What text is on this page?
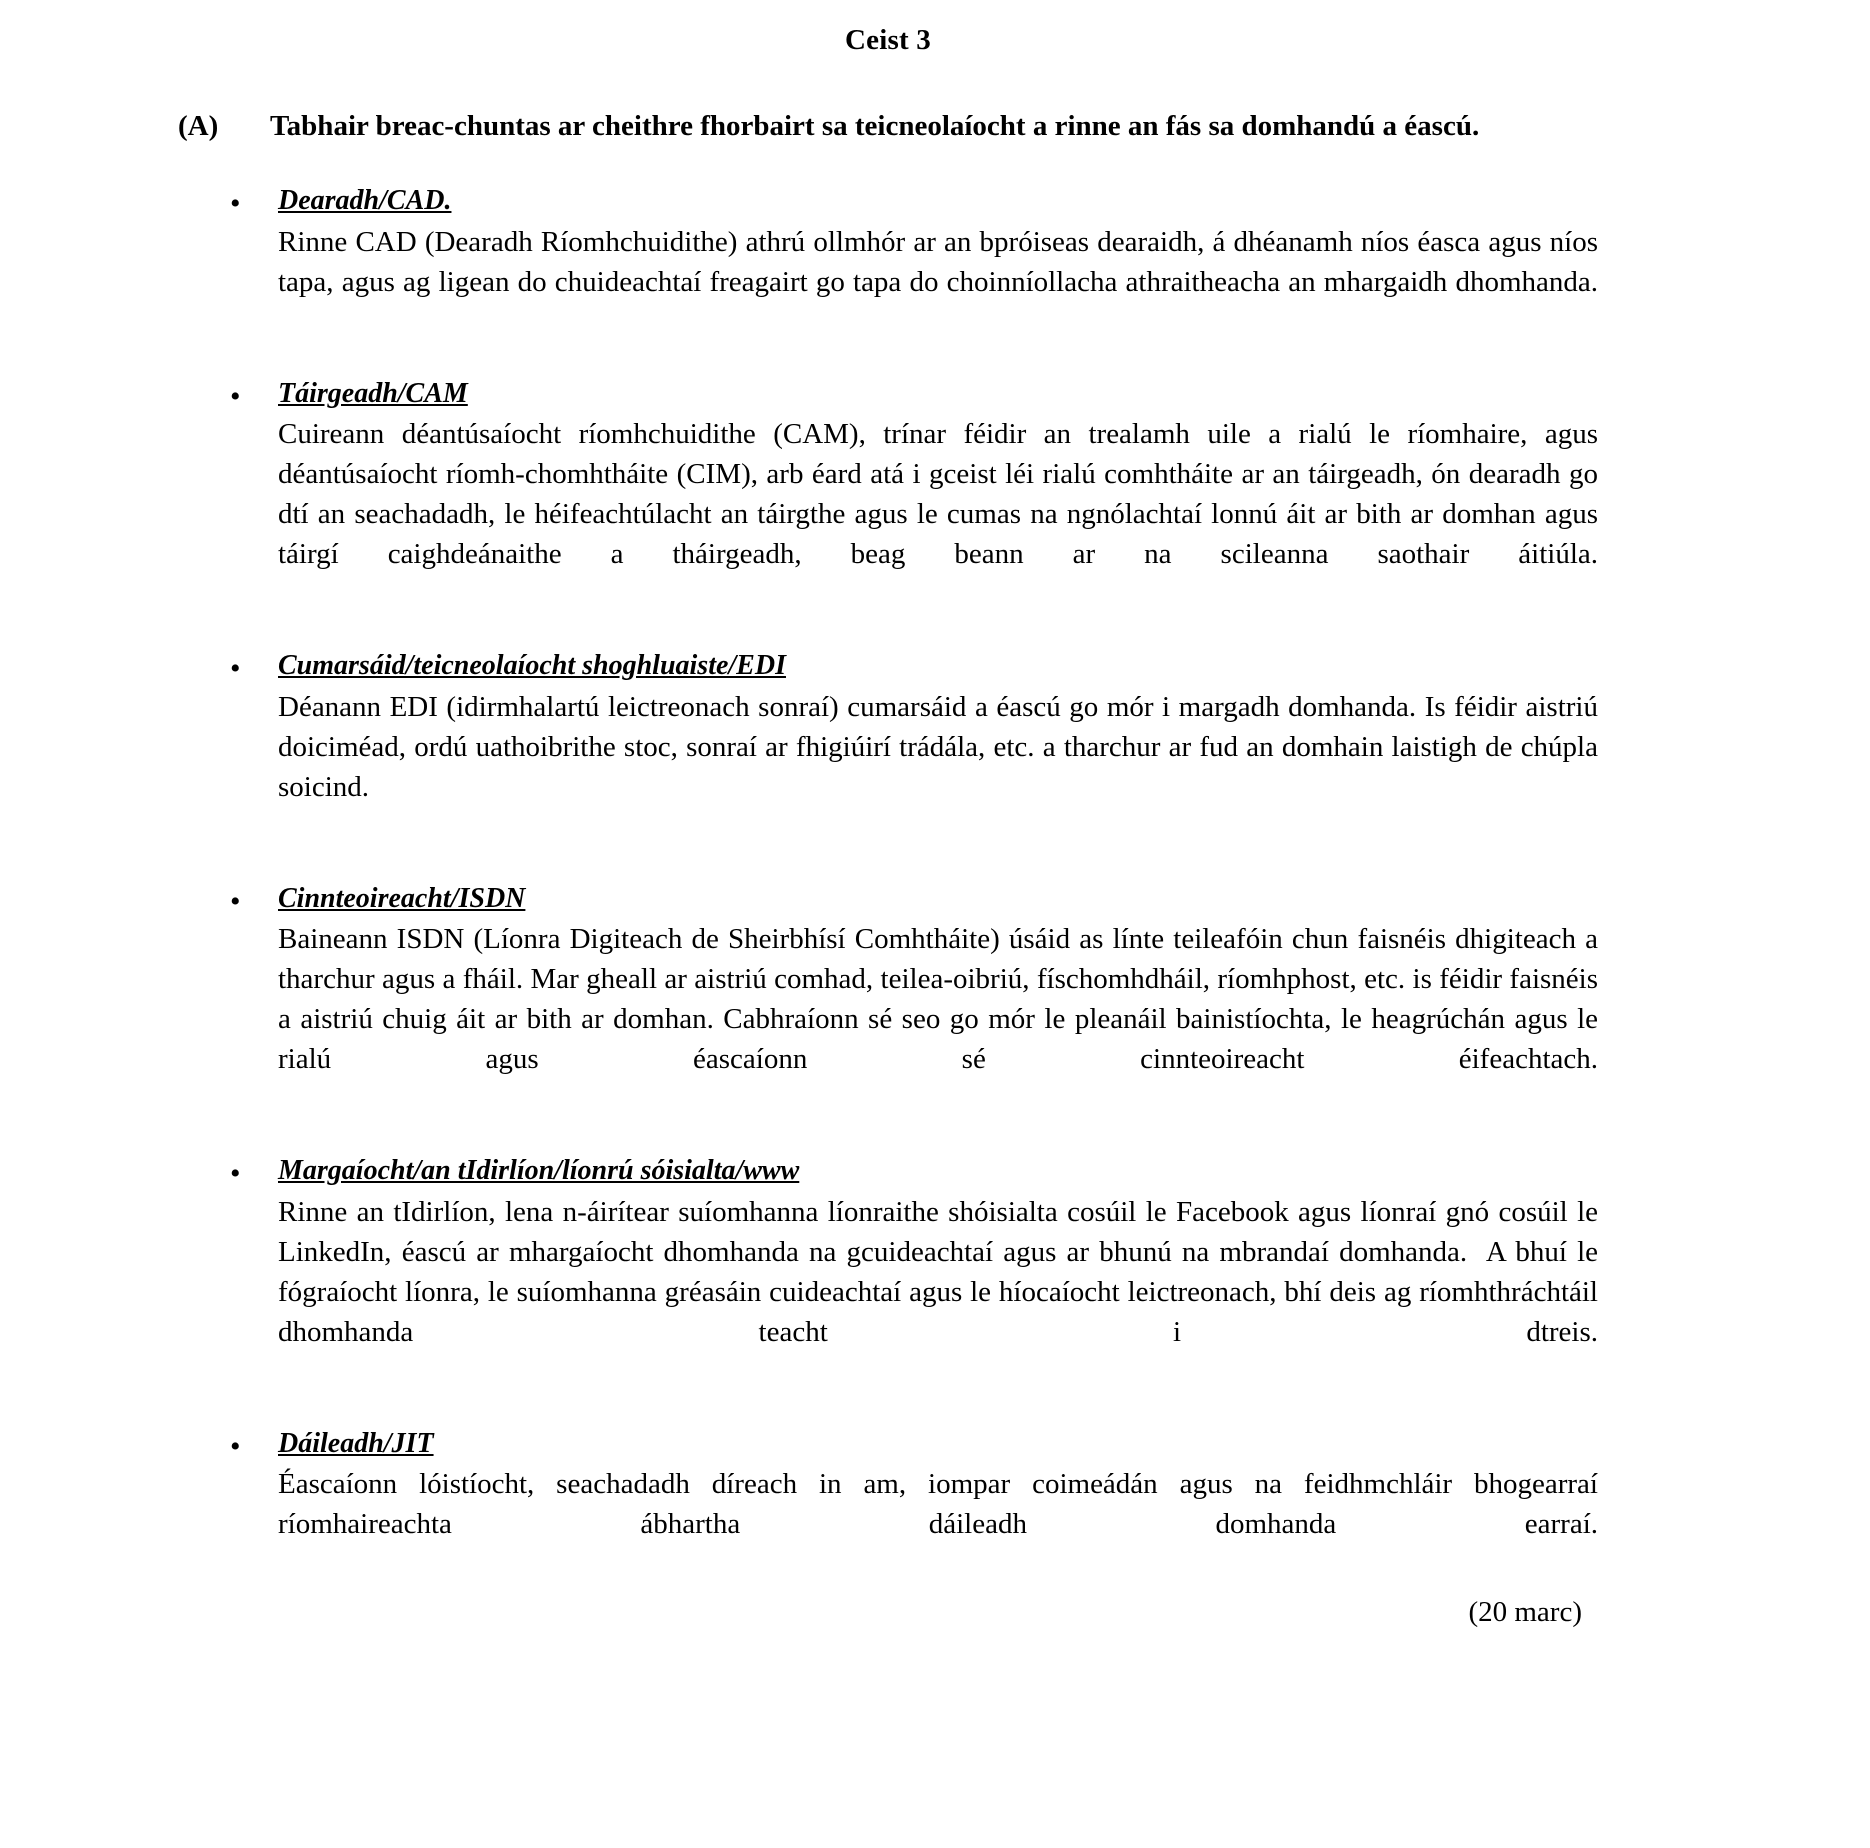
Ceist 3
(A) Tabhair breac-chuntas ar cheithre fhorbairt sa teicneolaíocht a rinne an fás sa domhandú a éascú.
• Dearadh/CAD.

Rinne CAD (Dearadh Ríomhchuidithe) athrú ollmhór ar an bpróiseas dearaidh, á dhéanamh níos éasca agus níos tapa, agus ag ligean do chuideachtaí freagairt go tapa do choinníollacha athraitheacha an mhargaidh dhomhanda.

• Táirgeadh/CAM

Cuireann déantúsaíocht ríomhchuidithe (CAM), trínar féidir an trealamh uile a rialú le ríomhaire, agus déantúsaíocht ríomh-chomhtháite (CIM), arb éard atá i gceist léi rialú comhtháite ar an táirgeadh, ón dearadh go dtí an seachadadh, le héifeachtúlacht an táirgthe agus le cumas na ngnólachtaí lonnú áit ar bith ar domhan agus táirgí caighdeánaithe a tháirgeadh, beag beann ar na scileanna saothair áitiúla.

• Cumarsáid/teicneolaíocht shoghluaiste/EDI

Déanann EDI (idirmhalartú leictreonach sonraí) cumarsáid a éascú go mór i margadh domhanda. Is féidir aistriú doiciméad, ordú uathoibrithe stoc, sonraí ar fhigiúirí trádála, etc. a tharchur ar fud an domhain laistigh de chúpla soicind.

• Cinnteoireacht/ISDN

Baineann ISDN (Líonra Digiteach de Sheirbhísí Comhtháite) úsáid as línte teileafóin chun faisnéis dhigiteach a tharchur agus a fháil. Mar gheall ar aistriú comhad, teilea-oibriú, físchomhdháil, ríomhphost, etc. is féidir faisnéis a aistriú chuig áit ar bith ar domhan. Cabhraíonn sé seo go mór le pleanáil bainistíochta, le heagrúchán agus le rialú agus éascaíonn sé cinnteoireacht éifeachtach.

• Margaíocht/an tIdirlíon/líonrú sóisialta/www

Rinne an tIdirlíon, lena n-áirítear suíomhanna líonraithe shóisialta cosúil le Facebook agus líonraí gnó cosúil le LinkedIn, éascú ar mhargaíocht dhomhanda na gcuideachtaí agus ar bhunú na mbrandaí domhanda.  A bhuí le fógraíocht líonra, le suíomhanna gréasáin cuideachtaí agus le híocaíocht leictreonach, bhí deis ag ríomhthráchtáil dhomhanda teacht i dtreis.

• Dáileadh/JIT

Éascaíonn lóistíocht, seachadadh díreach in am, iompar coimeádán agus na feidhmchláir bhogearraí ríomhaireachta ábhartha dáileadh domhanda earraí.

(20 marc)
